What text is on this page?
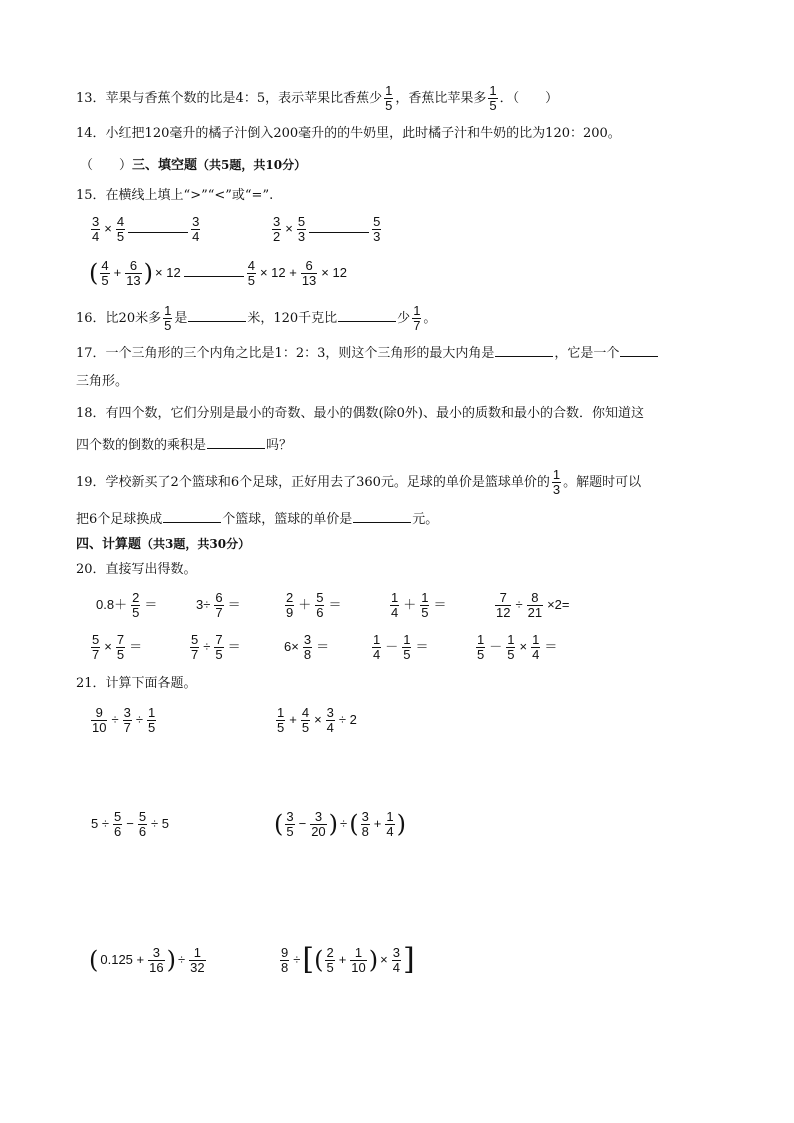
13．苹果与香蕉个数的比是4：5，表示苹果比香蕉少 $\frac{1}{5}$ ，香蕉比苹果多 $\frac{1}{5}$ ．（　　）
14．小红把120毫升的橘子汁倒入200毫升的的牛奶里，此时橘子汁和牛奶的比为120：200。
（　　）三、填空题（共5题，共10分）
15．在横线上填上“>”“<”或“=”.
$\frac{3}{4} \times \frac{4}{5}$	$\frac{3}{4}$	$\frac{3}{2} \times \frac{5}{3}$	$\frac{5}{3}$
( $\frac{4}{5} + \frac{6}{13}$ ) × 12	$\frac{4}{5} \times 12 + \frac{6}{13} \times 12$
16．比20米多 $\frac{1}{5}$ 是	米，120千克比	少 $\frac{1}{7}$ 。
17．一个三角形的三个内角之比是1：2：3，则这个三角形的最大内角是	，它是一个
三角形。
18．有四个数，它们分别是最小的奇数、最小的偶数(除0外)、最小的质数和最小的合数．你知道这
四个数的倒数的乘积是	吗？
19．学校新买了2个篮球和6个足球，正好用去了360元。足球的单价是篮球单价的 $\frac{1}{3}$ 。解题时可以
把6个足球换成	个篮球，篮球的单价是	元。
四、计算题（共3题，共30分）
20．直接写出得数。
$0.8+ \frac{2}{5}$ ＝	$3\div \frac{6}{7}$ ＝	$\frac{2}{9} + \frac{5}{6}$ ＝	$\frac{1}{4} + \frac{1}{5}$ ＝	$\frac{7}{12} \div \frac{8}{21} \times 2=$
$\frac{5}{7} \times \frac{7}{5}$ ＝	$\frac{5}{7} \div \frac{7}{5}$ ＝	$6\times \frac{3}{8}$ ＝	$\frac{1}{4} - \frac{1}{5}$ ＝	$\frac{1}{5} - \frac{1}{5} \times \frac{1}{4}$ ＝
21．计算下面各题。
$\frac{9}{10} \div \frac{3}{7} \div \frac{1}{5}$	$\frac{1}{5} + \frac{4}{5} \times \frac{3}{4} \div 2$
$5 \div \frac{5}{6} - \frac{5}{6} \div 5$	( $\frac{3}{5} - \frac{3}{20}$ ) ÷( $\frac{3}{8} + \frac{1}{4}$ )
( $0.125 + \frac{3}{16}$ ) ÷ $\frac{1}{32}$	$\frac{9}{8}$ ÷[( $\frac{2}{5} + \frac{1}{10}$ ) × $\frac{3}{4}$ ]
